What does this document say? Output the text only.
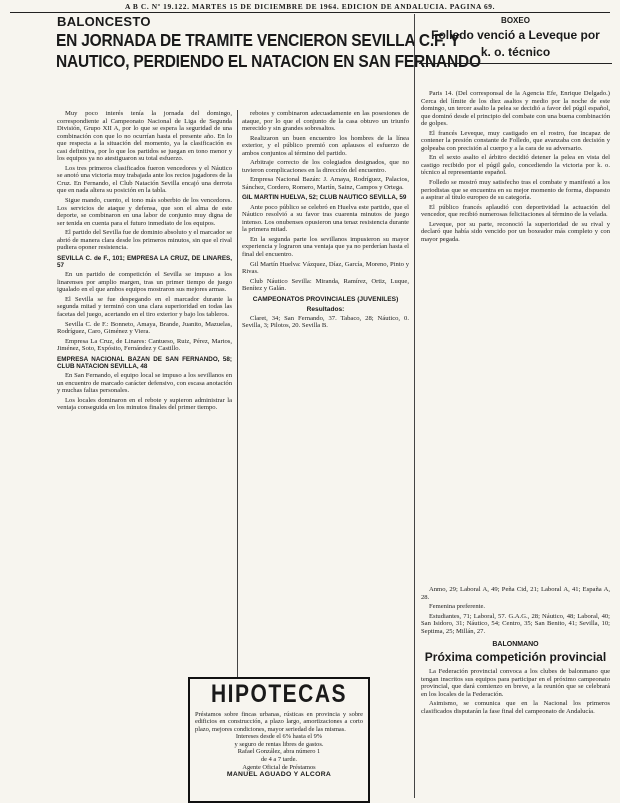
A B C. Nº 19.122. MARTES 15 DE DICIEMBRE DE 1964. EDICION DE ANDALUCIA. PAGINA 69.
BALONCESTO
EN JORNADA DE TRAMITE VENCIERON SEVILLA C.F. Y
NAUTICO, PERDIENDO EL NATACION EN SAN FERNANDO

Muy poco interés tenía la jornada del domingo, correspondiente al Campeonato Nacional de Liga de Segunda División, Grupo XII A, por lo que se espera la seguridad de una combinación con que lo no ocurrían hasta el presente año. En lo que respecta a la situación del momento, ya la clasificación es casi definitiva, por lo que los partidos se juegan en tono menor y los equipos ya no atestiguaron su total esfuerzo.

Los tres primeros clasificados fueron vencedores y el Náutico se anotó una victoria muy trabajada ante los recios jugadores de la Cruz. En Fernando, el Club Natación Sevilla encajó una derrota que en nada altera su posición en la tabla.

Sigue mando, cuento, el tono más soberbio de los vencedores. Los servicios de ataque y defensa, que son el alma de este deporte, se combinaron en una labor de conjunto muy digna de ser tenida en cuenta para el futuro inmediato de los equipos.

El partido del Sevilla fue de dominio absoluto y el marcador se abrió de manera clara desde los primeros minutos, sin que el rival pudiera oponer resistencia.

SEVILLA C. de F., 101; EMPRESA LA CRUZ, DE LINARES, 57

En un partido de competición el Sevilla se impuso a los linarenses por amplio margen, tras un primer tiempo de juego igualado en el que ambos equipos mostraron sus mejores armas.

El Sevilla se fue despegando en el marcador durante la segunda mitad y terminó con una clara superioridad en todas las facetas del juego, acertando en el tiro exterior y bajo los tableros.

Sevilla C. de F.: Bonneto, Amaya, Brande, Juanito, Mazuelas, Rodríguez, Caro, Giménez y Viera.

Empresa La Cruz, de Linares: Cantueso, Ruiz, Pérez, Martos, Jiménez, Soto, Expósito, Fernández y Castillo.

EMPRESA NACIONAL BAZAN DE SAN FERNANDO, 58; CLUB NATACION SEVILLA, 48

En San Fernando, el equipo local se impuso a los sevillanos en un encuentro de marcado carácter defensivo, con escasa anotación y muchas faltas personales.

Los locales dominaron en el rebote y supieron administrar la ventaja conseguida en los minutos finales del primer tiempo.

rebotes y combinaron adecuadamente en las posesiones de ataque, por lo que el conjunto de la casa obtuvo un triunfo merecido y sin grandes sobresaltos.

Realizaron un buen encuentro los hombres de la línea exterior, y el público premió con aplausos el esfuerzo de ambos conjuntos al término del partido.

Arbitraje correcto de los colegiados designados, que no tuvieron complicaciones en la dirección del encuentro.

Empresa Nacional Bazán: J. Amaya, Rodríguez, Palacios, Sánchez, Cordero, Romero, Martín, Sainz, Campos y Ortega.

GIL MARTIN HUELVA, 52; CLUB NAUTICO SEVILLA, 59

Ante poco público se celebró en Huelva este partido, que el Náutico resolvió a su favor tras cuarenta minutos de juego intenso. Los onubenses opusieron una tenaz resistencia durante la primera mitad.

En la segunda parte los sevillanos impusieron su mayor experiencia y lograron una ventaja que ya no perderían hasta el final del encuentro.

Gil Martín Huelva: Vázquez, Díaz, García, Moreno, Pinto y Rivas.

Club Náutico Sevilla: Miranda, Ramírez, Ortiz, Luque, Benítez y Galán.

CAMPEONATOS PROVINCIALES (JUVENILES)

Resultados:

Claret, 34; San Fernando, 37. Tabaco, 28; Náutico, 0. Sevilla, 3; Pilotos, 20. Sevilla B.

HIPOTECAS
Préstamos sobre fincas urbanas, rústicas en provincia y sobre edificios en construcción, a plazo largo, amortizaciones a corto plazo, mejores condiciones, mayor seriedad de las mismas.
Intereses desde el 6% hasta el 9%
y seguro de rentas libres de gastos.
Rafael González, abra número 1
de 4 a 7 tarde.
Agente Oficial de Préstamos
MANUEL AGUADO Y ALCORA
BOXEO
Folledo venció a Leveque por
k. o. técnico

Paris 14. (Del corresponsal de la Agencia Efe, Enrique Delgado.) Cerca del límite de los diez asaltos y medio por la noche de este domingo, un tercer asalto la pelea se decidió a favor del púgil español, que dominó desde el principio del combate con una buena combinación de golpes.

El francés Leveque, muy castigado en el rostro, fue incapaz de contener la presión constante de Folledo, que avanzaba con decisión y golpeaba con precisión al cuerpo y a la cara de su adversario.

En el sexto asalto el árbitro decidió detener la pelea en vista del castigo recibido por el púgil galo, concediendo la victoria por k. o. técnico al representante español.

Folledo se mostró muy satisfecho tras el combate y manifestó a los periodistas que se encuentra en su mejor momento de forma, dispuesto a aspirar al título europeo de su categoría.

El público francés aplaudió con deportividad la actuación del vencedor, que recibió numerosas felicitaciones al término de la velada.

Leveque, por su parte, reconoció la superioridad de su rival y declaró que había sido vencido por un boxeador más completo y con mayor pegada.

Anmo, 29; Laboral A, 49; Peña Cid, 21; Laboral A, 41; España A, 28.

Femenina preferente.

Estudiantes, 71; Laboral, 57. G.A.G., 28; Náutico, 48; Laboral, 40; San Isidoro, 31; Náutico, 54; Centro, 35; San Benito, 41; Sevilla, 10; Septima, 25; Millán, 27.

BALONMANO
Próxima competición provincial

La Federación provincial convoca a los clubes de balonmano que tengan inscritos sus equipos para participar en el próximo campeonato provincial, que dará comienzo en breve, a la reunión que se celebrará en los locales de la Federación.

Asimismo, se comunica que en la Nacional los primeros clasificados disputarán la fase final del campeonato de Andalucía.
